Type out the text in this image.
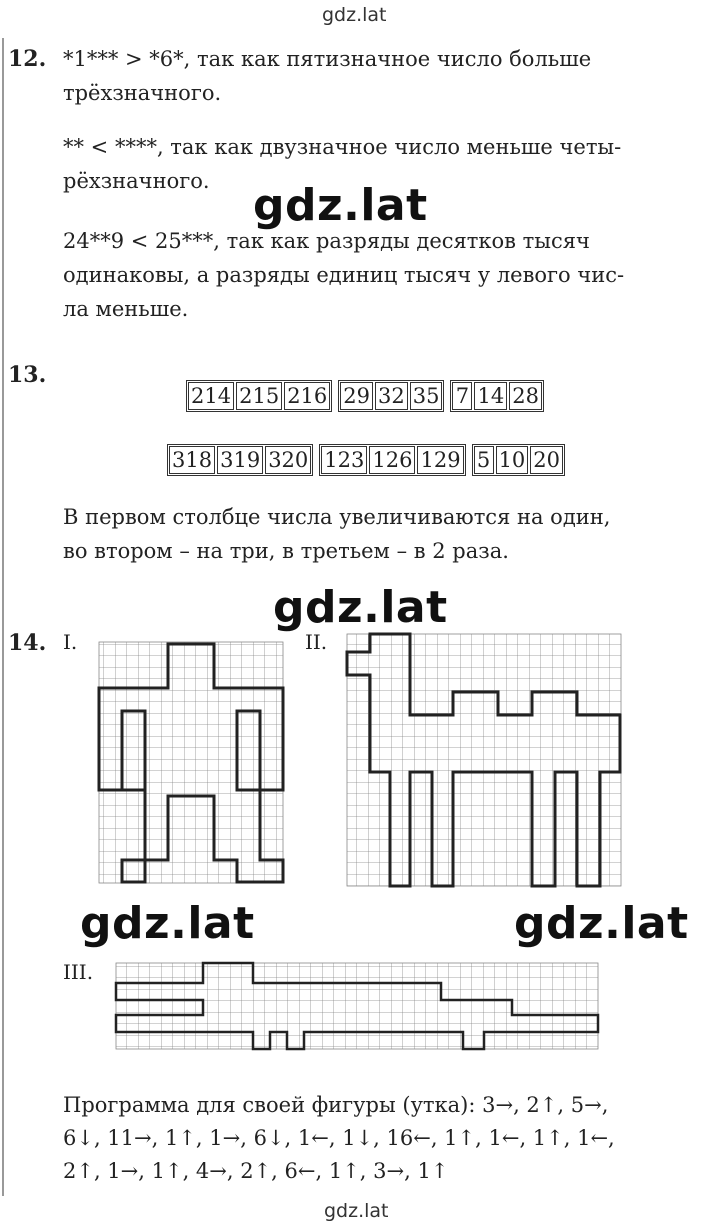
gdz.lat
12. *1*** > *6*, так как пятизначное число больше
трёхзначного.
** < ****, так как двузначное число меньше четы-
рёхзначного.
24**9 < 25***, так как разряды десятков тысяч
одинаковы, а разряды единиц тысяч у левого чис-
ла меньше.
gdz.lat
13.
214 215 216 29 32 35 7 14 28
318 319 320 123 126 129 5 10 20
В первом столбце числа увеличиваются на один,
во втором – на три, в третьем – в 2 раза.
gdz.lat
14. I.	II.
gdz.lat	gdz.lat
III.
Программа для своей фигуры (утка): 3→, 2↑, 5→,
6↓, 11→, 1↑, 1→, 6↓, 1←, 1↓, 16←, 1↑, 1←, 1↑, 1←,
2↑, 1→, 1↑, 4→, 2↑, 6←, 1↑, 3→, 1↑
gdz.lat
